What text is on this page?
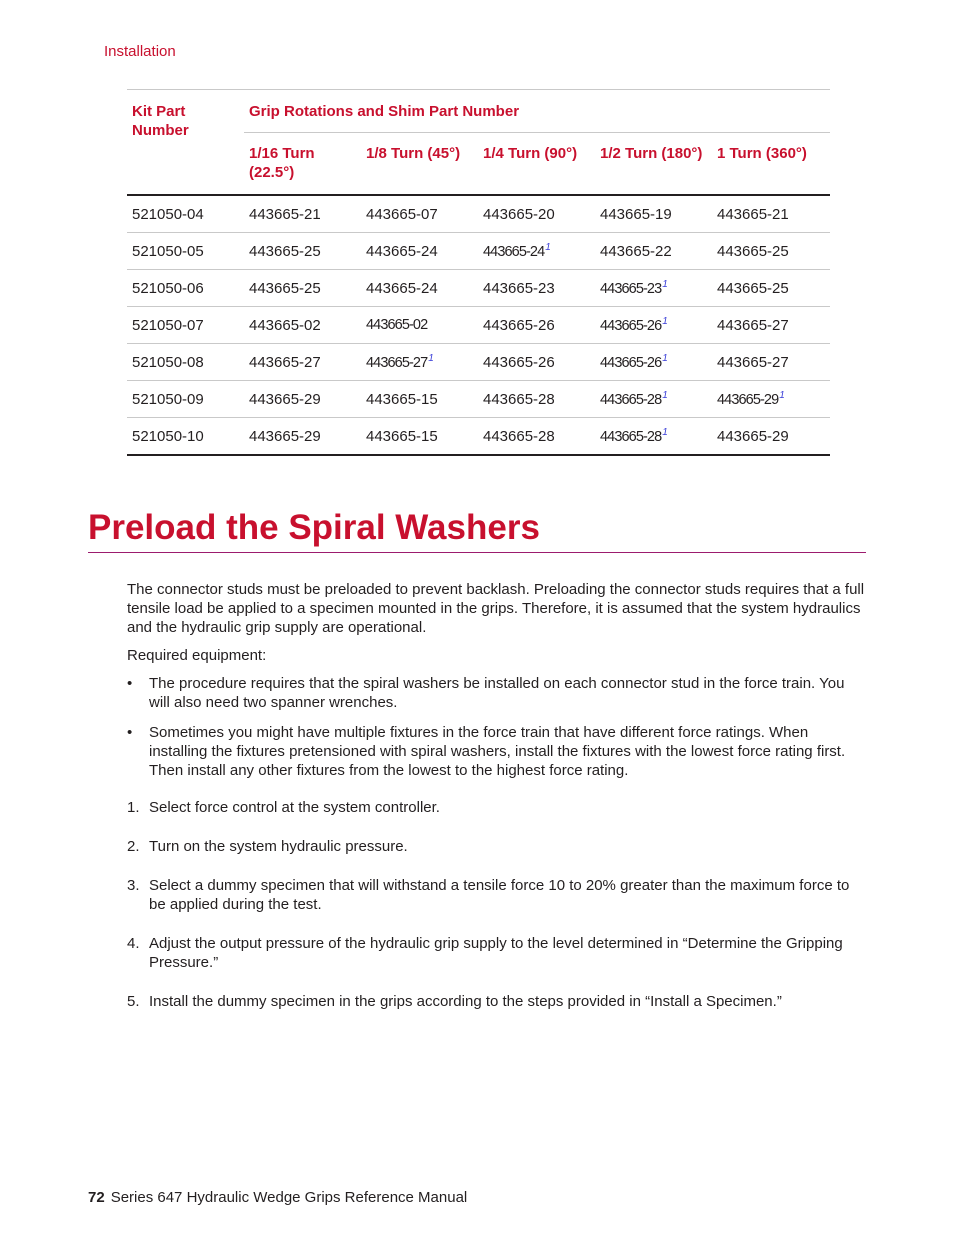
Installation
Kit Part Number	Grip Rotations and Shim Part Number				
	1/16 Turn (22.5°)	1/8 Turn (45°)	1/4 Turn (90°)	1/2 Turn (180°)	1 Turn (360°)
521050-04	443665-21	443665-07	443665-20	443665-19	443665-21
521050-05	443665-25	443665-24	443665-24$^1$	443665-22	443665-25
521050-06	443665-25	443665-24	443665-23	443665-23$^1$	443665-25
521050-07	443665-02	443665-02	443665-26	443665-26$^1$	443665-27
521050-08	443665-27	443665-27$^1$	443665-26	443665-26$^1$	443665-27
521050-09	443665-29	443665-15	443665-28	443665-28$^1$	443665-29$^1$
521050-10	443665-29	443665-15	443665-28	443665-28$^1$	443665-29
Preload the Spiral Washers

The connector studs must be preloaded to prevent backlash. Preloading the connector studs requires that a full tensile load be applied to a specimen mounted in the grips. Therefore, it is assumed that the system hydraulics and the hydraulic grip supply are operational.

Required equipment:

• The procedure requires that the spiral washers be installed on each connector stud in the force train. You will also need two spanner wrenches.
• Sometimes you might have multiple fixtures in the force train that have different force ratings. When installing the fixtures pretensioned with spiral washers, install the fixtures with the lowest force rating first. Then install any other fixtures from the lowest to the highest force rating.
1. Select force control at the system controller.
2. Turn on the system hydraulic pressure.
3. Select a dummy specimen that will withstand a tensile force 10 to 20% greater than the maximum force to be applied during the test.
4. Adjust the output pressure of the hydraulic grip supply to the level determined in “Determine the Gripping Pressure.”
5. Install the dummy specimen in the grips according to the steps provided in “Install a Specimen.”
72 Series 647 Hydraulic Wedge Grips Reference Manual
